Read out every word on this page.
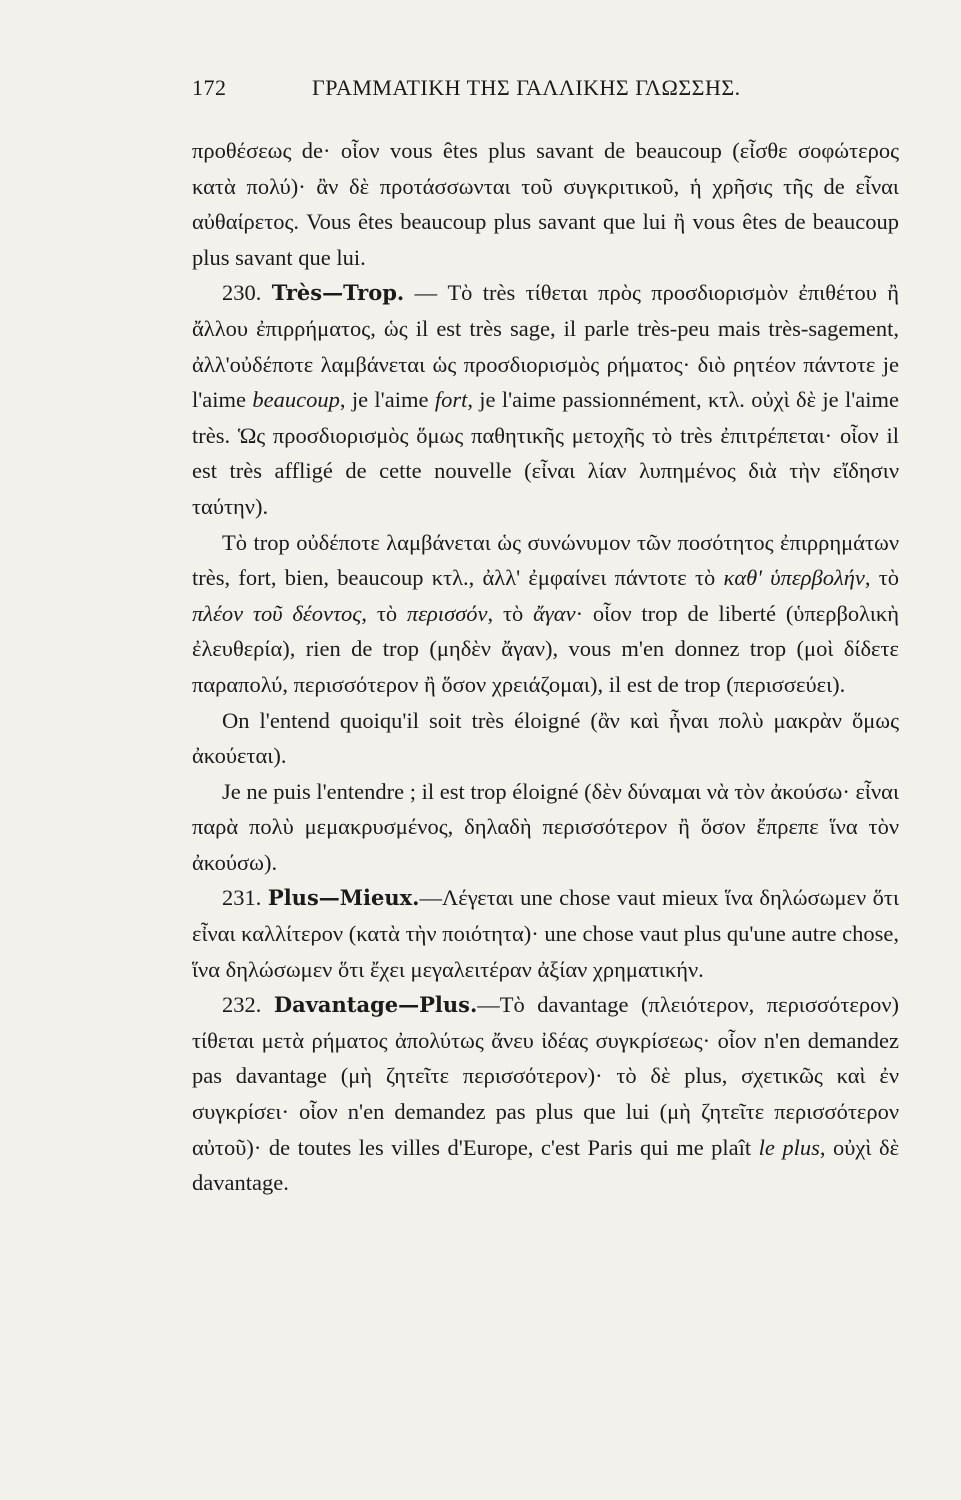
172	ΓΡΑΜΜΑΤΙΚΗ ΤΗΣ ΓΑΛΛΙΚΗΣ ΓΛΩΣΣΗΣ.

προθέσεως de· οἷον vous êtes plus savant de beaucoup (εἶσθε σοφώτερος κατὰ πολύ)· ἂν δὲ προτάσσωνται τοῦ συγκριτικοῦ, ἡ χρῆσις τῆς de εἶναι αὐθαίρετος. Vous êtes beaucoup plus savant que lui ἢ vous êtes de beaucoup plus savant que lui.

230. Très—Trop. — Τὸ très τίθεται πρὸς προσδιορισμὸν ἐπιθέτου ἢ ἄλλου ἐπιρρήματος, ὡς il est très sage, il parle très-peu mais très-sagement, ἀλλ'οὐδέποτε λαμβάνεται ὡς προσδιορισμὸς ρήματος· διὸ ρητέον πάντοτε je l'aime beaucoup, je l'aime fort, je l'aime passionnément, κτλ. οὐχὶ δὲ je l'aime très. Ὡς προσδιορισμὸς ὅμως παθητικῆς μετοχῆς τὸ très ἐπιτρέπεται· οἷον il est très affligé de cette nouvelle (εἶναι λίαν λυπημένος διὰ τὴν εἴδησιν ταύτην).

Τὸ trop οὐδέποτε λαμβάνεται ὡς συνώνυμον τῶν ποσότητος ἐπιρρημάτων très, fort, bien, beaucoup κτλ., ἀλλ' ἐμφαίνει πάντοτε τὸ καθ' ὑπερβολήν, τὸ πλέον τοῦ δέοντος, τὸ περισσόν, τὸ ἄγαν· οἷον trop de liberté (ὑπερβολικὴ ἐλευθερία), rien de trop (μηδὲν ἄγαν), vous m'en donnez trop (μοὶ δίδετε παραπολύ, περισσότερον ἢ ὅσον χρειάζομαι), il est de trop (περισσεύει).

On l'entend quoiqu'il soit très éloigné (ἂν καὶ ἦναι πολὺ μακρὰν ὅμως ἀκούεται).

Je ne puis l'entendre ; il est trop éloigné (δὲν δύναμαι νὰ τὸν ἀκούσω· εἶναι παρὰ πολὺ μεμακρυσμένος, δηλαδὴ περισσότερον ἢ ὅσον ἔπρεπε ἵνα τὸν ἀκούσω).

231. Plus—Mieux.—Λέγεται une chose vaut mieux ἵνα δηλώσωμεν ὅτι εἶναι καλλίτερον (κατὰ τὴν ποιότητα)· une chose vaut plus qu'une autre chose, ἵνα δηλώσωμεν ὅτι ἔχει μεγαλειτέραν ἀξίαν χρηματικήν.

232. Davantage—Plus.—Τὸ davantage (πλειότερον, περισσότερον) τίθεται μετὰ ρήματος ἀπολύτως ἄνευ ἰδέας συγκρίσεως· οἷον n'en demandez pas davantage (μὴ ζητεῖτε περισσότερον)· τὸ δὲ plus, σχετικῶς καὶ ἐν συγκρίσει· οἷον n'en demandez pas plus que lui (μὴ ζητεῖτε περισσότερον αὐτοῦ)· de toutes les villes d'Europe, c'est Paris qui me plaît le plus, οὐχὶ δὲ davantage.
